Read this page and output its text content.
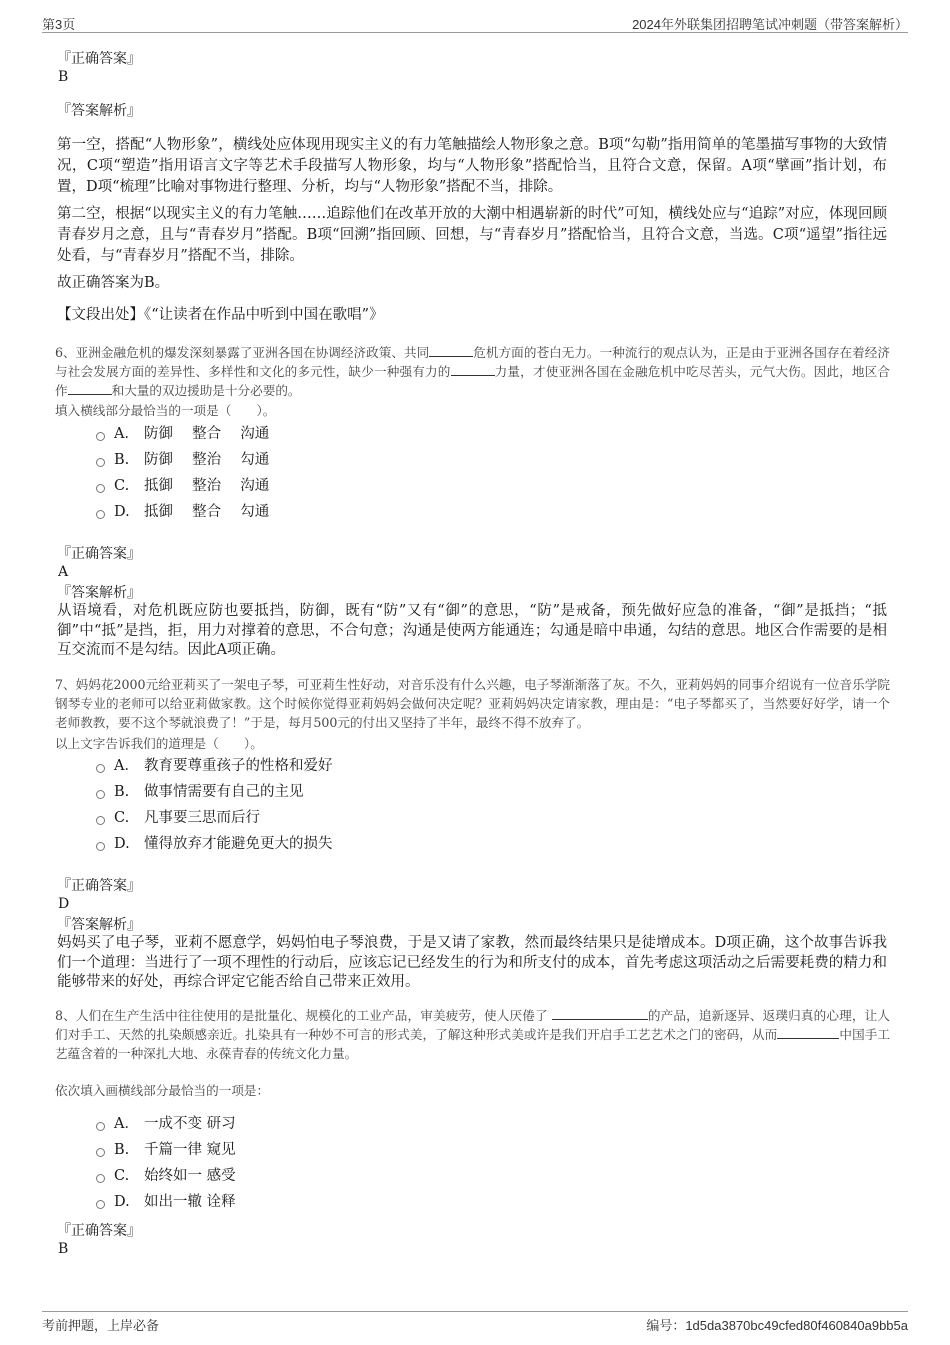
第3页	2024年外联集团招聘笔试冲刺题（带答案解析）
『正确答案』
B
『答案解析』
第一空，搭配“人物形象”，横线处应体现用现实主义的有力笔触描绘人物形象之意。B项“勾勒”指用简单的笔墨描写事物的大致情况，C项“塑造”指用语言文字等艺术手段描写人物形象，均与“人物形象”搭配恰当，且符合文意，保留。A项“擘画”指计划，布置，D项“梳理”比喻对事物进行整理、分析，均与“人物形象”搭配不当，排除。
第二空，根据“以现实主义的有力笔触……追踪他们在改革开放的大潮中相遇崭新的时代”可知，横线处应与“追踪”对应，体现回顾青春岁月之意，且与“青春岁月”搭配。B项“回溯”指回顾、回想，与“青春岁月”搭配恰当，且符合文意，当选。C项“遥望”指往远处看，与“青春岁月”搭配不当，排除。
故正确答案为B。
【文段出处】《“让读者在作品中听到中国在歌唱”》
6、亚洲金融危机的爆发深刻暴露了亚洲各国在协调经济政策、共同	危机方面的苍白无力。一种流行的观点认为，正是由于亚洲各国存在着经济与社会发展方面的差异性、多样性和文化的多元性，缺少一种强有力的	力量，才使亚洲各国在金融危机中吃尽苦头，元气大伤。因此，地区合作	和大量的双边援助是十分必要的。
填入横线部分最恰当的一项是（　　）。
A． 防御　 整合　 沟通
B.	防御　 整治　 勾通
C.	抵御　 整治　 沟通
D. 抵御　 整合　 勾通
『正确答案』
A
『答案解析』
从语境看，对危机既应防也要抵挡，防御，既有“防”又有“御”的意思，“防”是戒备，预先做好应急的准备，“御”是抵挡；“抵御”中“抵”是挡，拒，用力对撑着的意思，不合句意；沟通是使两方能通连；勾通是暗中串通，勾结的意思。地区合作需要的是相互交流而不是勾结。因此A项正确。
7、妈妈花2000元给亚莉买了一架电子琴，可亚莉生性好动，对音乐没有什么兴趣，电子琴渐渐落了灰。不久，亚莉妈妈的同事介绍说有一位音乐学院钢琴专业的老师可以给亚莉做家教。这个时候你觉得亚莉妈妈会做何决定呢？亚莉妈妈决定请家教，理由是：“电子琴都买了，当然要好好学，请一个老师教教，要不这个琴就浪费了！”于是，每月500元的付出又坚持了半年，最终不得不放弃了。
以上文字告诉我们的道理是（　　）。
A． 教育要尊重孩子的性格和爱好
B.	做事情需要有自己的主见
C.	凡事要三思而后行
D. 懂得放弃才能避免更大的损失
『正确答案』
D
『答案解析』
妈妈买了电子琴，亚莉不愿意学，妈妈怕电子琴浪费，于是又请了家教，然而最终结果只是徒增成本。D项正确，这个故事告诉我们一个道理：当进行了一项不理性的行动后，应该忘记已经发生的行为和所支付的成本，首先考虑这项活动之后需要耗费的精力和能够带来的好处，再综合评定它能否给自己带来正效用。
8、人们在生产生活中往往使用的是批量化、规模化的工业产品，审美疲劳，使人厌倦了	的产品，追新逐异、返璞归真的心理，让人们对手工、天然的扎染颇感亲近。扎染具有一种妙不可言的形式美，了解这种形式美或许是我们开启手工艺艺术之门的密码，从而	中国手工艺蕴含着的一种深扎大地、永葆青春的传统文化力量。
依次填入画横线部分最恰当的一项是：
A． 一成不变 研习
B.	千篇一律 窥见
C.	始终如一 感受
D. 如出一辙 诠释
『正确答案』
B
考前押题，上岸必备	编号：1d5da3870bc49cfed80f460840a9bb5a
